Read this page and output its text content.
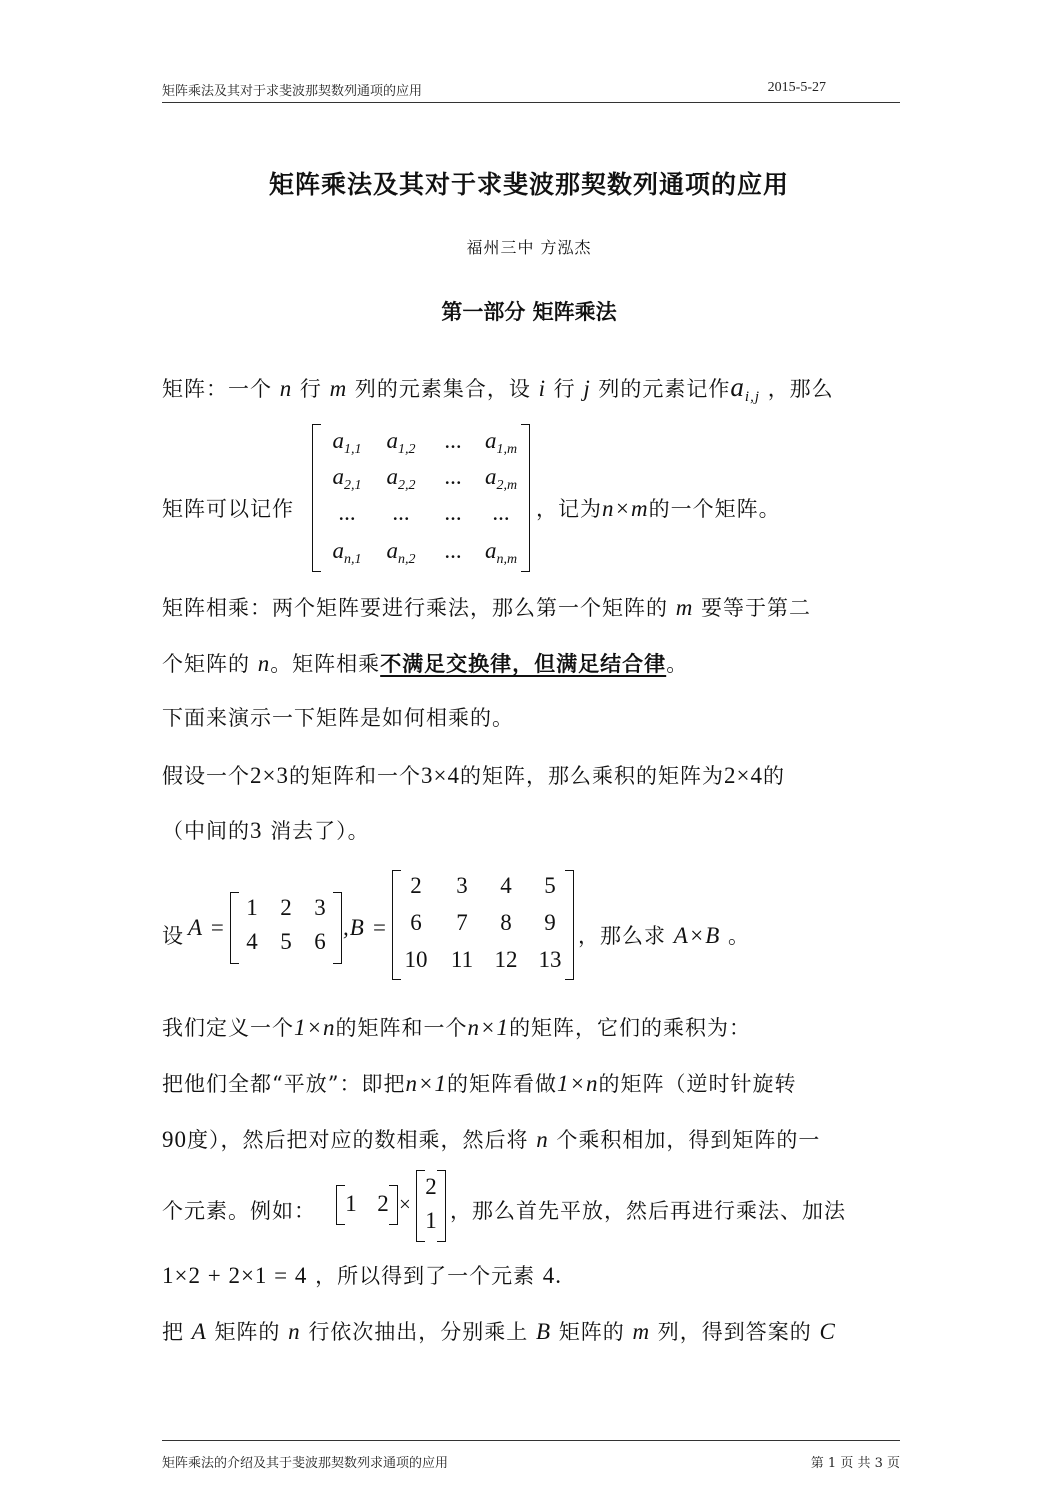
矩阵乘法及其对于求斐波那契数列通项的应用	2015-5-27
矩阵乘法及其对于求斐波那契数列通项的应用
福州三中 方泓杰
第一部分 矩阵乘法
矩阵：一个 n 行 m 列的元素集合，设 i 行 j 列的元素记作$a_{i,j}$ ，那么
矩阵可以记作
$a_{1,1}$	$a_{1,2}$	...	$a_{1,m}$
$a_{2,1}$	$a_{2,2}$	...	$a_{2,m}$
...	...	...	...
$a_{n,1}$	$a_{n,2}$	...	$a_{n,m}$
，记为n×m的一个矩阵。
矩阵相乘：两个矩阵要进行乘法，那么第一个矩阵的 m 要等于第二
个矩阵的 n。矩阵相乘不满足交换律，但满足结合律。
下面来演示一下矩阵是如何相乘的。
假设一个2×3的矩阵和一个3×4的矩阵，那么乘积的矩阵为2×4的
（中间的3 消去了）。
设 A =
1 2 3
4 5 6
,B =
2	3	4	5
6	7	8	9
10	11 12 13
，那么求 A×B 。
我们定义一个1×n的矩阵和一个n×1的矩阵，它们的乘积为：
把他们全都“平放”：即把n×1的矩阵看做1×n的矩阵（逆时针旋转
90度），然后把对应的数相乘，然后将 n 个乘积相加，得到矩阵的一
个元素。例如： 1 2 ×
2
1 ，那么首先平放，然后再进行乘法、加法
1×2 + 2×1 = 4 ，所以得到了一个元素 4.
把 A 矩阵的 n 行依次抽出，分别乘上 B 矩阵的 m 列，得到答案的 C
矩阵乘法的介绍及其于斐波那契数列求通项的应用	第 1 页 共 3 页
